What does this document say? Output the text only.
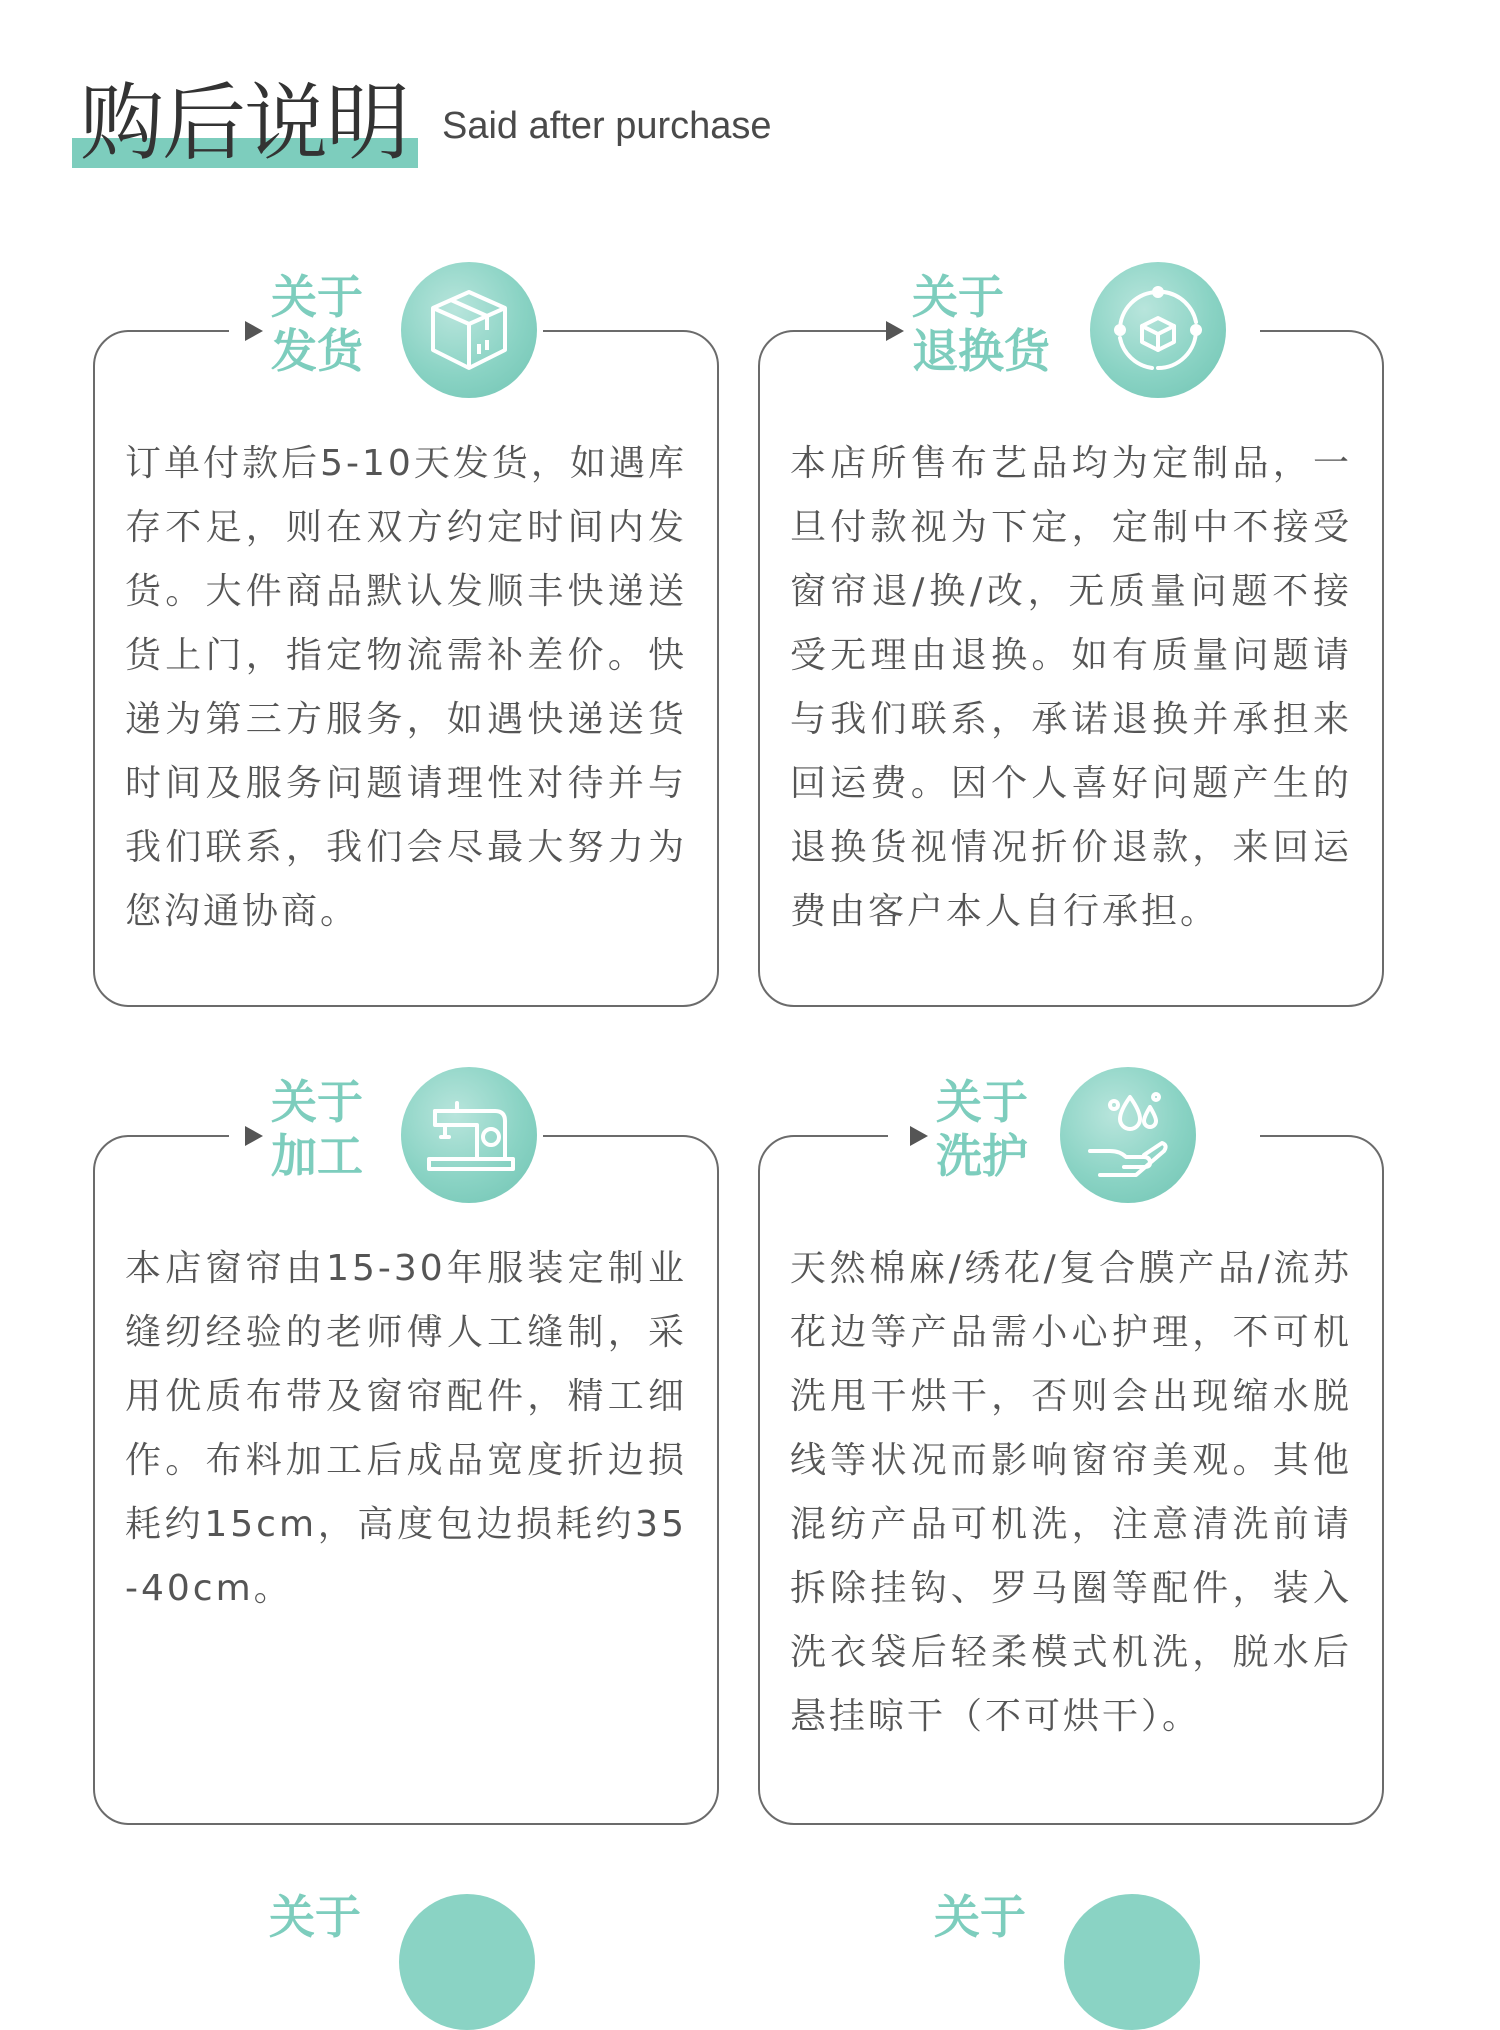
购后说明 Said after purchase
关于
发货
订单付款后5-10天发货，如遇库存不足，则在双方约定时间内发货。大件商品默认发顺丰快递送货上门，指定物流需补差价。快递为第三方服务，如遇快递送货时间及服务问题请理性对待并与我们联系，我们会尽最大努力为您沟通协商。
关于
退换货
本店所售布艺品均为定制品，一旦付款视为下定，定制中不接受窗帘退/换/改，无质量问题不接受无理由退换。如有质量问题请与我们联系，承诺退换并承担来回运费。因个人喜好问题产生的退换货视情况折价退款，来回运费由客户本人自行承担。
关于
加工
本店窗帘由15-30年服装定制业缝纫经验的老师傅人工缝制，采用优质布带及窗帘配件，精工细作。布料加工后成品宽度折边损耗约15cm，高度包边损耗约35-40cm。
关于
洗护
天然棉麻/绣花/复合膜产品/流苏花边等产品需小心护理，不可机洗甩干烘干，否则会出现缩水脱线等状况而影响窗帘美观。其他混纺产品可机洗，注意清洗前请拆除挂钩、罗马圈等配件，装入洗衣袋后轻柔模式机洗，脱水后悬挂晾干（不可烘干）。
关于	关于
